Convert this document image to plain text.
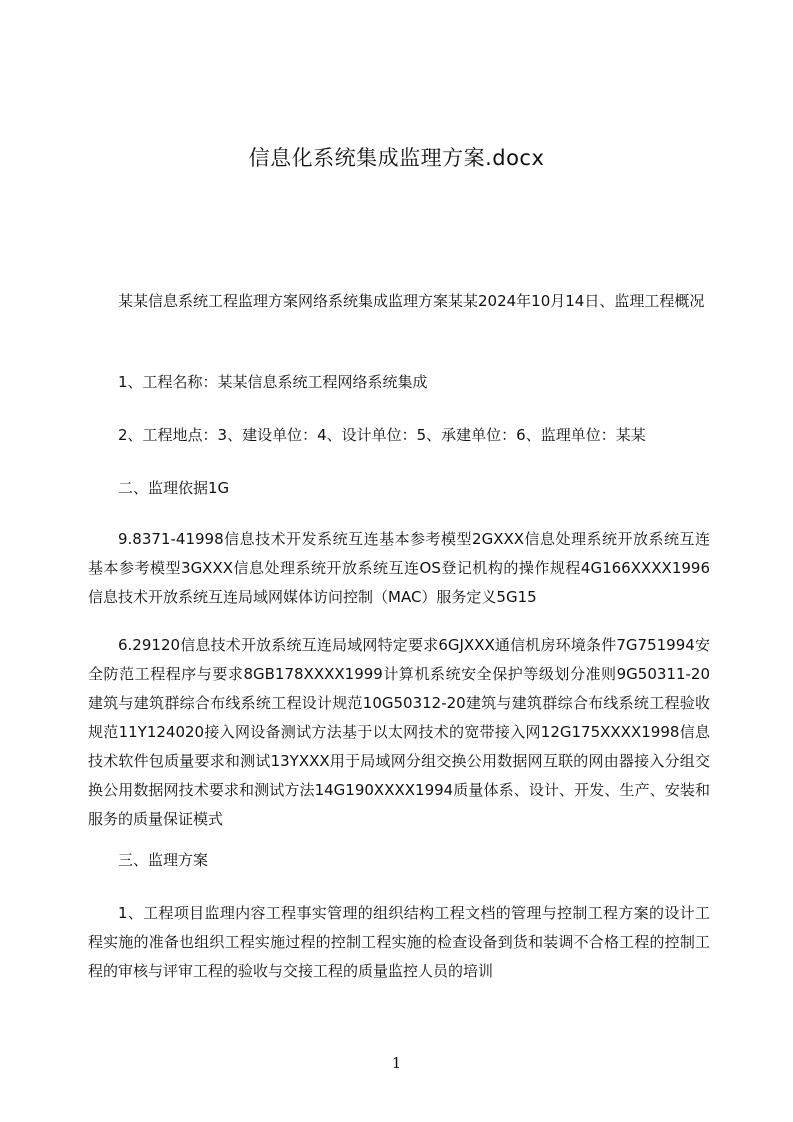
信息化系统集成监理方案.docx

某某信息系统工程监理方案网络系统集成监理方案某某2024年10月14日、监理工程概况

1、工程名称：某某信息系统工程网络系统集成

2、工程地点：3、建设单位：4、设计单位：5、承建单位：6、监理单位：某某

二、监理依据1G

9.8371-41998信息技术开发系统互连基本参考模型2GXXX信息处理系统开放系统互连基本参考模型3GXXX信息处理系统开放系统互连OS登记机构的操作规程4G166XXXX1996信息技术开放系统互连局域网媒体访问控制（MAC）服务定义5G15

6.29120信息技术开放系统互连局域网特定要求6GJXXX通信机房环境条件7G751994安全防范工程程序与要求8GB178XXXX1999计算机系统安全保护等级划分准则9G50311-20建筑与建筑群综合布线系统工程设计规范10G50312-20建筑与建筑群综合布线系统工程验收规范11Y124020接入网设备测试方法基于以太网技术的宽带接入网12G175XXXX1998信息技术软件包质量要求和测试13YXXX用于局域网分组交换公用数据网互联的网由器接入分组交换公用数据网技术要求和测试方法14G190XXXX1994质量体系、设计、开发、生产、安装和服务的质量保证模式

三、监理方案

1、工程项目监理内容工程事实管理的组织结构工程文档的管理与控制工程方案的设计工程实施的准备也组织工程实施过程的控制工程实施的检查设备到货和装调不合格工程的控制工程的审核与评审工程的验收与交接工程的质量监控人员的培训

1
